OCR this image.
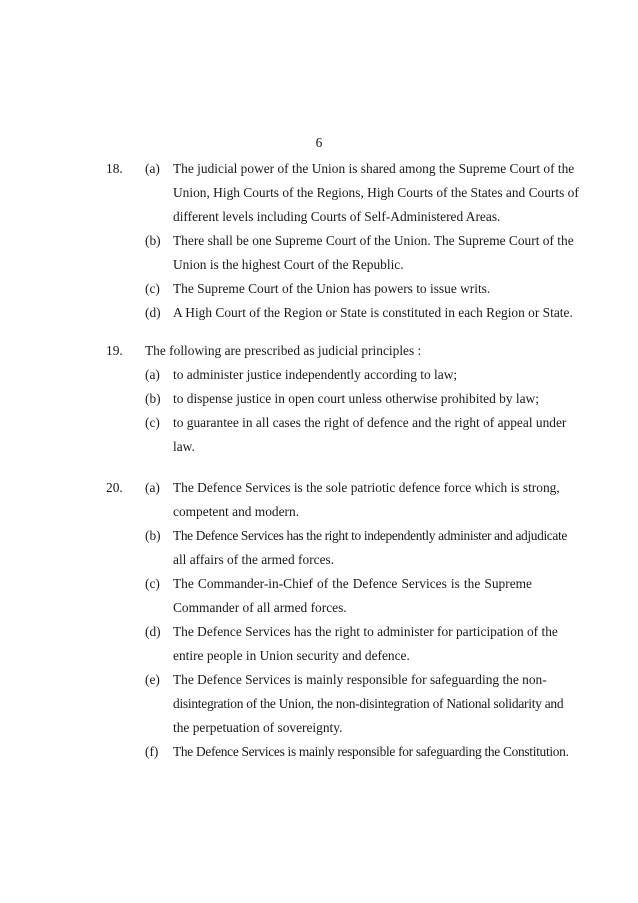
6
18. (a) The judicial power of the Union is shared among the Supreme Court of the
Union, High Courts of the Regions, High Courts of the States and Courts of
different levels including Courts of Self-Administered Areas.
(b) There shall be one Supreme Court of the Union. The Supreme Court of the
Union is the highest Court of the Republic.
(c) The Supreme Court of the Union has powers to issue writs.
(d) A High Court of the Region or State is constituted in each Region or State.
19. The following are prescribed as judicial principles :
(a) to administer justice independently according to law;
(b) to dispense justice in open court unless otherwise prohibited by law;
(c) to guarantee in all cases the right of defence and the right of appeal under
law.
20. (a) The Defence Services is the sole patriotic defence force which is strong,
competent and modern.
(b) The Defence Services has the right to independently administer and adjudicate
all affairs of the armed forces.
(c) The Commander-in-Chief of the Defence Services is the Supreme
Commander of all armed forces.
(d) The Defence Services has the right to administer for participation of the
entire people in Union security and defence.
(e) The Defence Services is mainly responsible for safeguarding the non-
disintegration of the Union, the non-disintegration of National solidarity and
the perpetuation of sovereignty.
(f) The Defence Services is mainly responsible for safeguarding the Constitution.
